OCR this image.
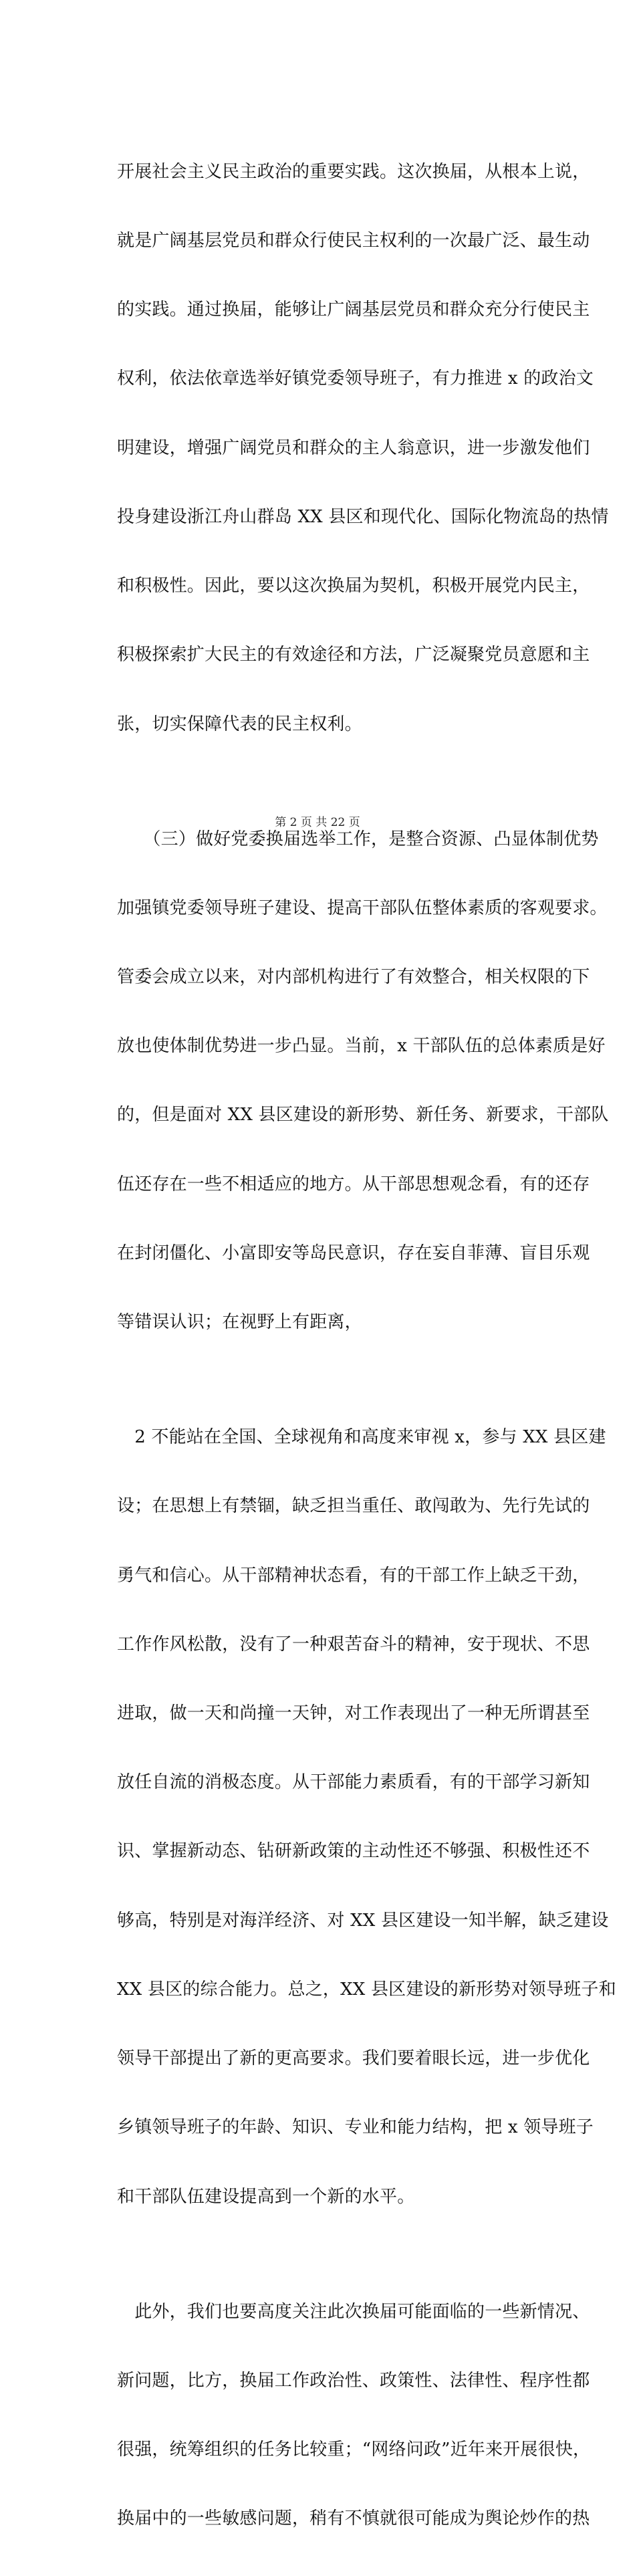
开展社会主义民主政治的重要实践。这次换届，从根本上说，

就是广阔基层党员和群众行使民主权利的一次最广泛、最生动

的实践。通过换届，能够让广阔基层党员和群众充分行使民主

权利，依法依章选举好镇党委领导班子，有力推进 x 的政治文

明建设，增强广阔党员和群众的主人翁意识，进一步激发他们

投身建设浙江舟山群岛 XX 县区和现代化、国际化物流岛的热情

和积极性。因此，要以这次换届为契机，积极开展党内民主，

积极探索扩大民主的有效途径和方法，广泛凝聚党员意愿和主

张，切实保障代表的民主权利。

　　（三）做好党委换届选举工作，是整合资源、凸显体制优势

加强镇党委领导班子建设、提高干部队伍整体素质的客观要求。

管委会成立以来，对内部机构进行了有效整合，相关权限的下

放也使体制优势进一步凸显。当前，x 干部队伍的总体素质是好

的，但是面对 XX 县区建设的新形势、新任务、新要求，干部队

伍还存在一些不相适应的地方。从干部思想观念看，有的还存

在封闭僵化、小富即安等岛民意识，存在妄自菲薄、盲目乐观

等错误认识；在视野上有距离，

　2 不能站在全国、全球视角和高度来审视 x，参与 XX 县区建

设；在思想上有禁锢，缺乏担当重任、敢闯敢为、先行先试的

勇气和信心。从干部精神状态看，有的干部工作上缺乏干劲，

工作作风松散，没有了一种艰苦奋斗的精神，安于现状、不思

进取，做一天和尚撞一天钟，对工作表现出了一种无所谓甚至

放任自流的消极态度。从干部能力素质看，有的干部学习新知

识、掌握新动态、钻研新政策的主动性还不够强、积极性还不

够高，特别是对海洋经济、对 XX 县区建设一知半解，缺乏建设

XX 县区的综合能力。总之，XX 县区建设的新形势对领导班子和

领导干部提出了新的更高要求。我们要着眼长远，进一步优化

乡镇领导班子的年龄、知识、专业和能力结构，把 x 领导班子

和干部队伍建设提高到一个新的水平。

　此外，我们也要高度关注此次换届可能面临的一些新情况、

新问题，比方，换届工作政治性、政策性、法律性、程序性都

很强，统筹组织的任务比较重；“网络问政”近年来开展很快，

换届中的一些敏感问题，稍有不慎就很可能成为舆论炒作的热

第 2 页 共 22 页
